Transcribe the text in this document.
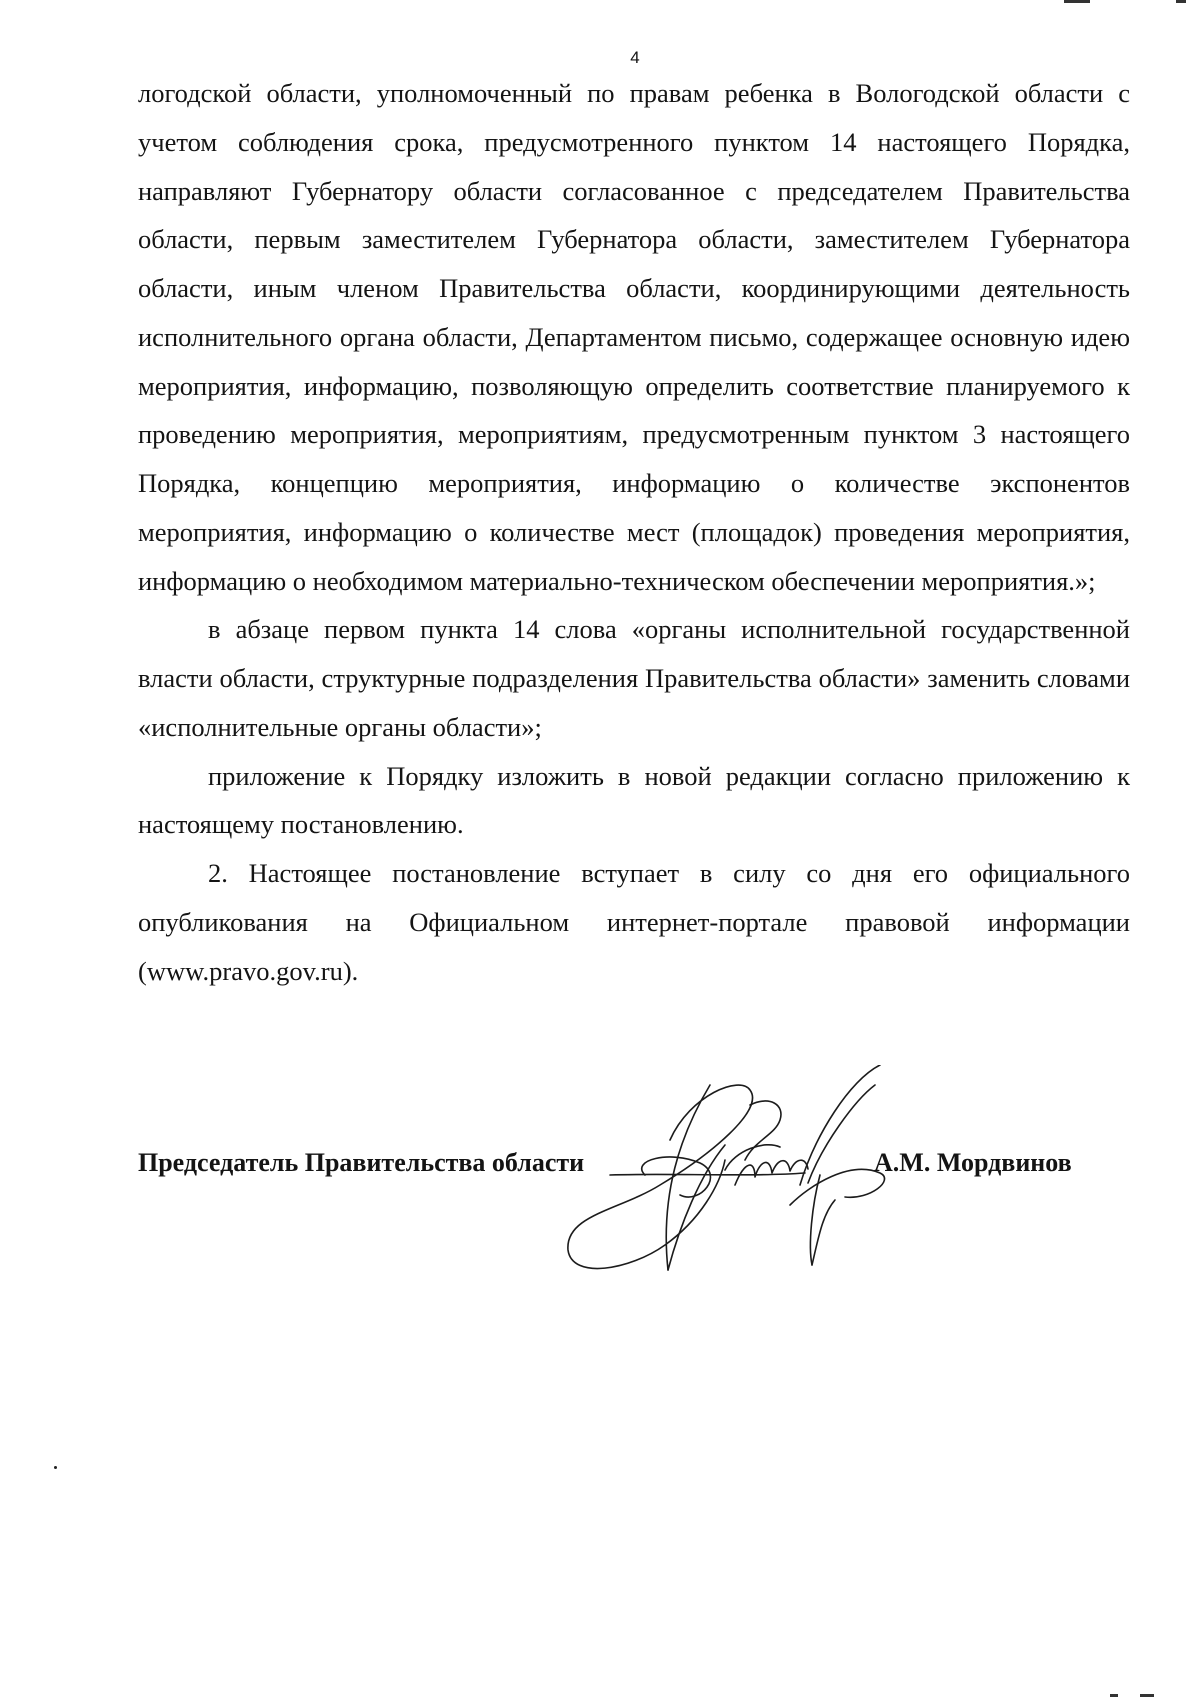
4

логодской области, уполномоченный по правам ребенка в Вологодской области с учетом соблюдения срока, предусмотренного пунктом 14 настоящего Порядка, направляют Губернатору области согласованное с председателем Правительства области, первым заместителем Губернатора области, заместителем Губернатора области, иным членом Правительства области, координирующими деятельность исполнительного органа области, Департаментом письмо, содержащее основную идею мероприятия, информацию, позволяющую определить соответствие планируемого к проведению мероприятия, мероприятиям, предусмотренным пунктом 3 настоящего Порядка, концепцию мероприятия, информацию о количестве экспонентов мероприятия, информацию о количестве мест (площадок) проведения мероприятия, информацию о необходимом материально-техническом обеспечении мероприятия.»;

в абзаце первом пункта 14 слова «органы исполнительной государственной власти области, структурные подразделения Правительства области» заменить словами «исполнительные органы области»;

приложение к Порядку изложить в новой редакции согласно приложению к настоящему постановлению.

2. Настоящее постановление вступает в силу со дня его официального опубликования на Официальном интернет-портале правовой информации (www.pravo.gov.ru).

Председатель Правительства области	А.М. Мордвинов
